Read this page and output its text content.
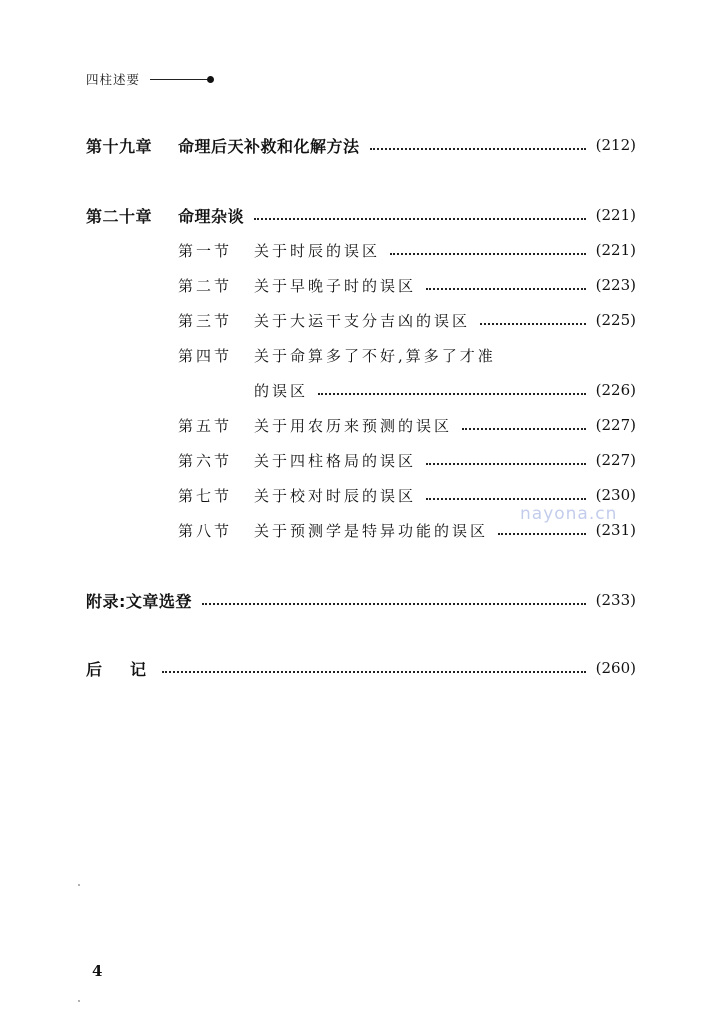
四柱述要
第十九章 命理后天补救和化解方法	(212)
第二十章 命理杂谈	(221)
第一节 关于时辰的误区	(221)
第二节 关于早晚子时的误区	(223)
第三节 关于大运干支分吉凶的误区	(225)
第四节	关于命算多了不好,算多了才准
的误区	(226)
第五节 关于用农历来预测的误区	(227)
第六节 关于四柱格局的误区	(227)
第七节 关于校对时辰的误区	(230)
第八节 关于预测学是特异功能的误区	(231)
附录:文章选登	(233)
后　记	(260)
nayona.cn
4
